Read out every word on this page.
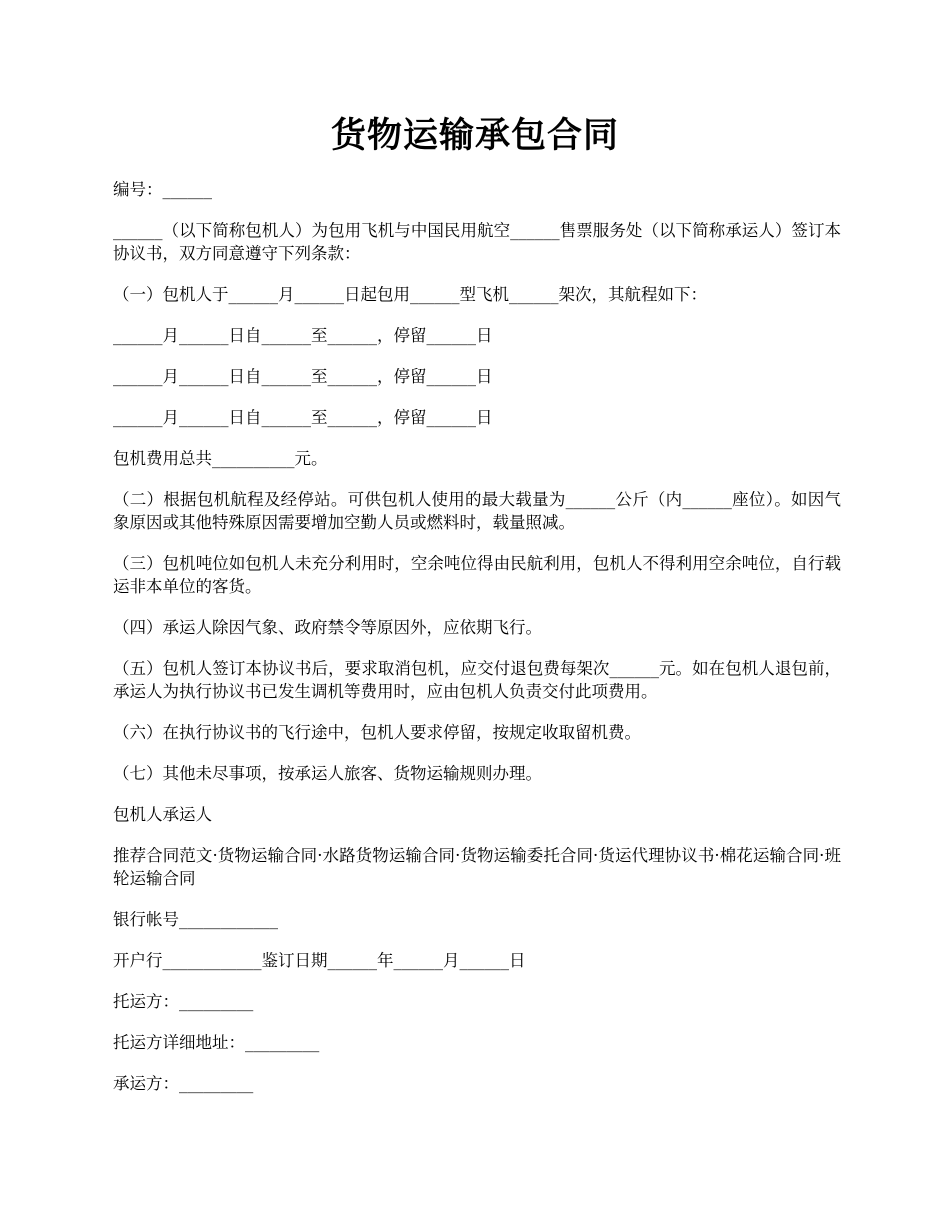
货物运输承包合同

编号：______

______（以下简称包机人）为包用飞机与中国民用航空______售票服务处（以下简称承运人）签订本协议书，双方同意遵守下列条款：

（一）包机人于______月______日起包用______型飞机______架次，其航程如下：

______月______日自______至______，停留______日

______月______日自______至______，停留______日

______月______日自______至______，停留______日

包机费用总共__________元。

（二）根据包机航程及经停站。可供包机人使用的最大载量为______公斤（内______座位）。如因气象原因或其他特殊原因需要增加空勤人员或燃料时，载量照减。

（三）包机吨位如包机人未充分利用时，空余吨位得由民航利用，包机人不得利用空余吨位，自行载运非本单位的客货。

（四）承运人除因气象、政府禁令等原因外，应依期飞行。

（五）包机人签订本协议书后，要求取消包机，应交付退包费每架次______元。如在包机人退包前，承运人为执行协议书已发生调机等费用时，应由包机人负责交付此项费用。

（六）在执行协议书的飞行途中，包机人要求停留，按规定收取留机费。

（七）其他未尽事项，按承运人旅客、货物运输规则办理。

包机人承运人

推荐合同范文·货物运输合同·水路货物运输合同·货物运输委托合同·货运代理协议书·棉花运输合同·班轮运输合同

银行帐号____________

开户行____________鉴订日期______年______月______日

托运方：_________

托运方详细地址：_________

承运方：_________
